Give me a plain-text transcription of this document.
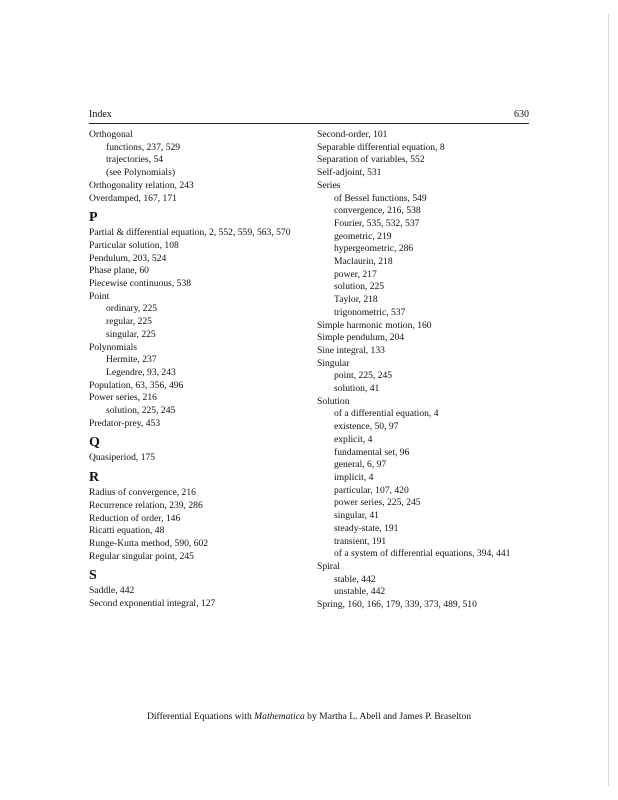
Index	630
Orthogonal
functions, 237, 529
trajectories, 54
(see Polynomials)
Orthogonality relation, 243
Overdamped, 167, 171
P
Partial & differential equation, 2, 552, 559, 563, 570
Particular solution, 108
Pendulum, 203, 524
Phase plane, 60
Piecewise continuous, 538
Point
ordinary, 225
regular, 225
singular, 225
Polynomials
Hermite, 237
Legendre, 93, 243
Population, 63, 356, 496
Power series, 216
solution, 225, 245
Predator-prey, 453
Q
Quasiperiod, 175
R
Radius of convergence, 216
Recurrence relation, 239, 286
Reduction of order, 146
Ricatti equation, 48
Runge-Kutta method, 590, 602
Regular singular point, 245
S
Saddle, 442
Second exponential integral, 127
Second-order, 101
Separable differential equation, 8
Separation of variables, 552
Self-adjoint, 531
Series
of Bessel functions, 549
convergence, 216, 538
Fourier, 535, 532, 537
geometric, 219
hypergeometric, 286
Maclaurin, 218
power, 217
solution, 225
Taylor, 218
trigonometric, 537
Simple harmonic motion, 160
Simple pendulum, 204
Sine integral, 133
Singular
point, 225, 245
solution, 41
Solution
of a differential equation, 4
existence, 50, 97
explicit, 4
fundamental set, 96
general, 6, 97
implicit, 4
particular, 107, 420
power series, 225, 245
singular, 41
steady-state, 191
transient, 191
of a system of differential equations, 394, 441
Spiral
stable, 442
unstable, 442
Spring, 160, 166, 179, 339, 373, 489, 510
Differential Equations with Mathematica by Martha L. Abell and James P. Braselton
